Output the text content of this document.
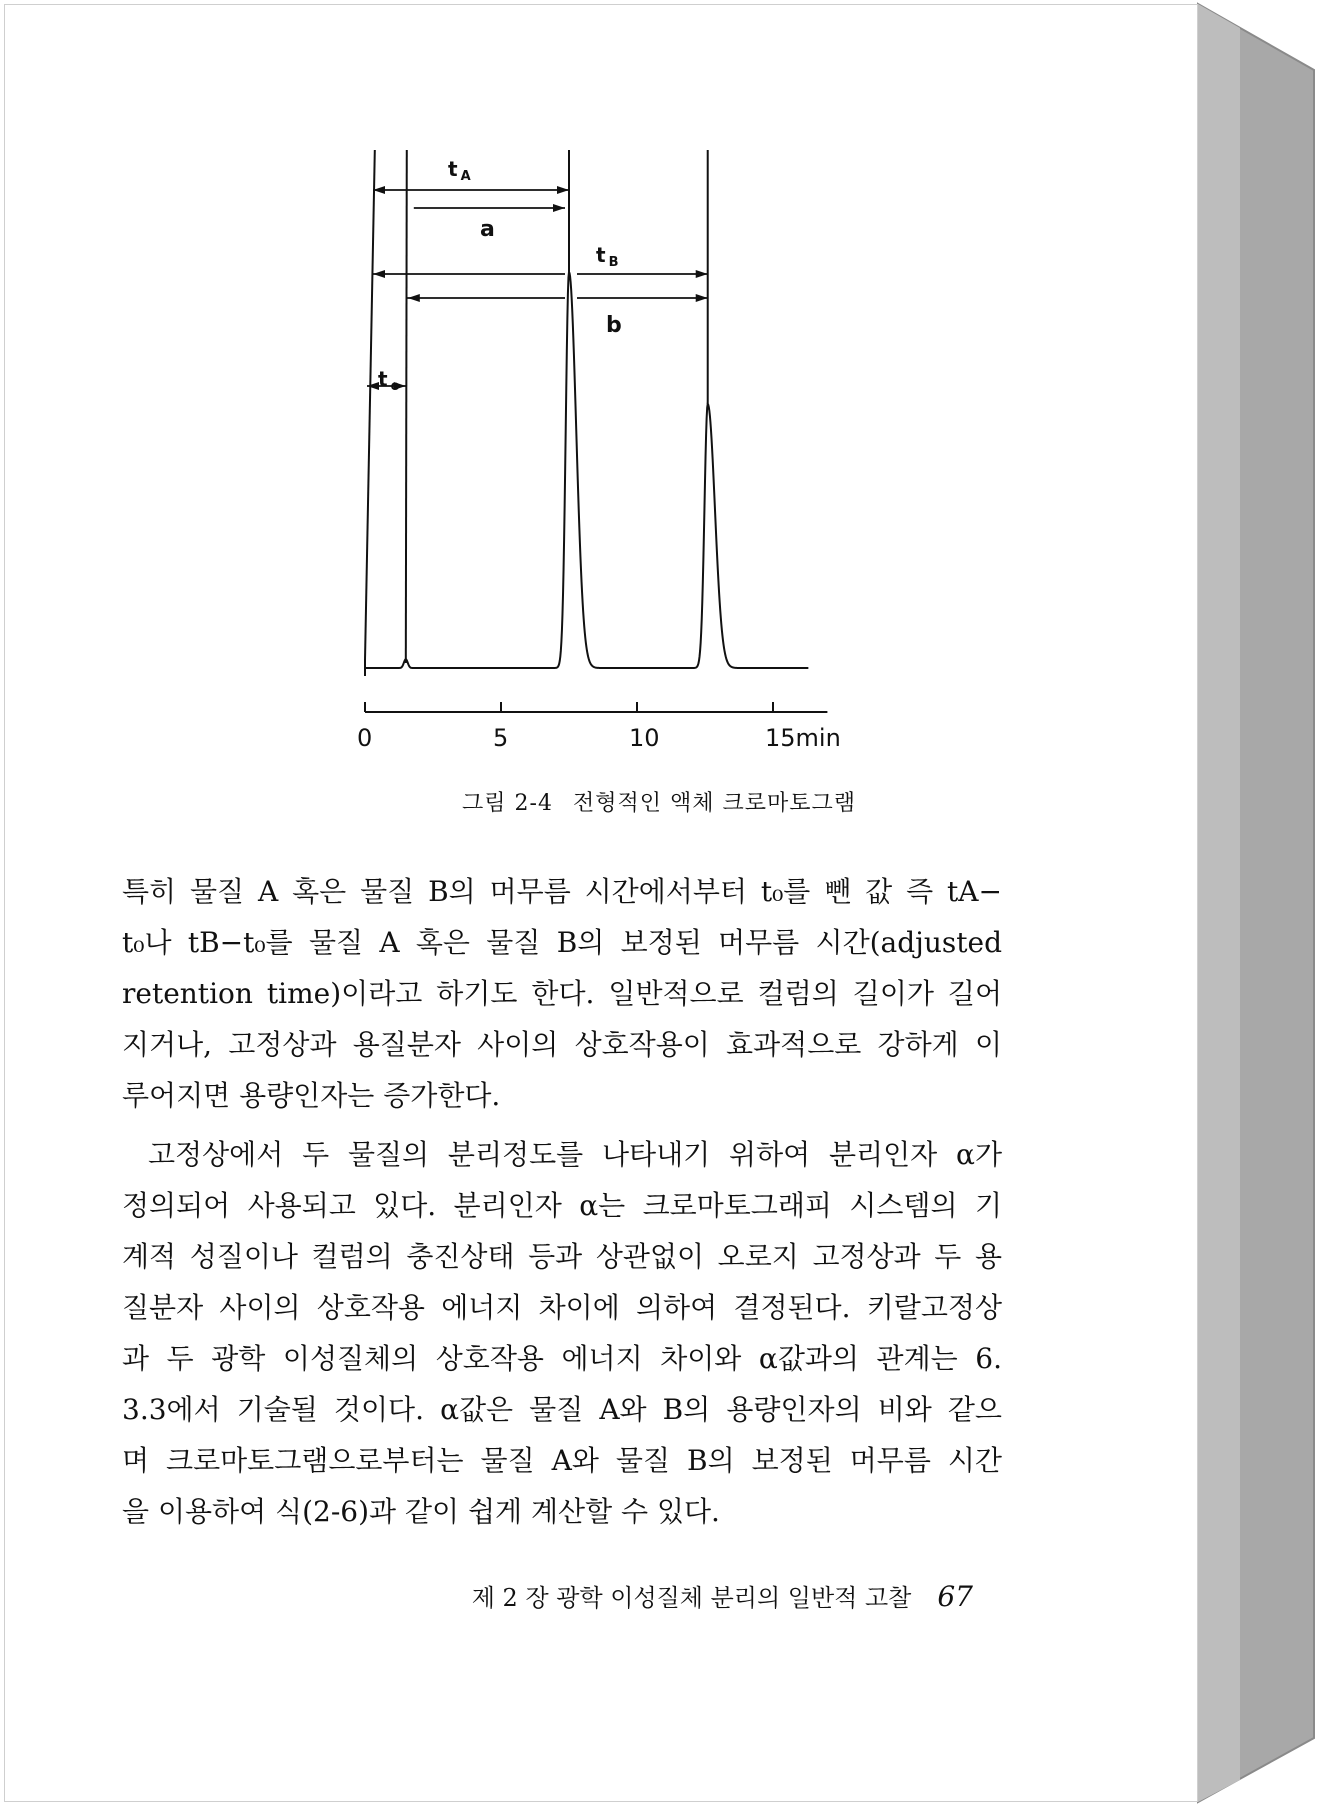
0	5	10	15min
t $_A$
a
t $_B$
b
t $_o$
그림 2-4 전형적인 액체 크로마토그램
특히 물질 A 혹은 물질 B의 머무름 시간에서부터 t₀를 뺀 값 즉 tA−
t₀나 tB−t₀를 물질 A 혹은 물질 B의 보정된 머무름 시간(adjusted
retention time)이라고 하기도 한다. 일반적으로 컬럼의 길이가 길어
지거나, 고정상과 용질분자 사이의 상호작용이 효과적으로 강하게 이
루어지면 용량인자는 증가한다.
고정상에서 두 물질의 분리정도를 나타내기 위하여 분리인자 α가
정의되어 사용되고 있다. 분리인자 α는 크로마토그래피 시스템의 기
계적 성질이나 컬럼의 충진상태 등과 상관없이 오로지 고정상과 두 용
질분자 사이의 상호작용 에너지 차이에 의하여 결정된다. 키랄고정상
과 두 광학 이성질체의 상호작용 에너지 차이와 α값과의 관계는 6.
3.3에서 기술될 것이다. α값은 물질 A와 B의 용량인자의 비와 같으
며 크로마토그램으로부터는 물질 A와 물질 B의 보정된 머무름 시간
을 이용하여 식(2-6)과 같이 쉽게 계산할 수 있다.
제 2 장 광학 이성질체 분리의 일반적 고찰 67
